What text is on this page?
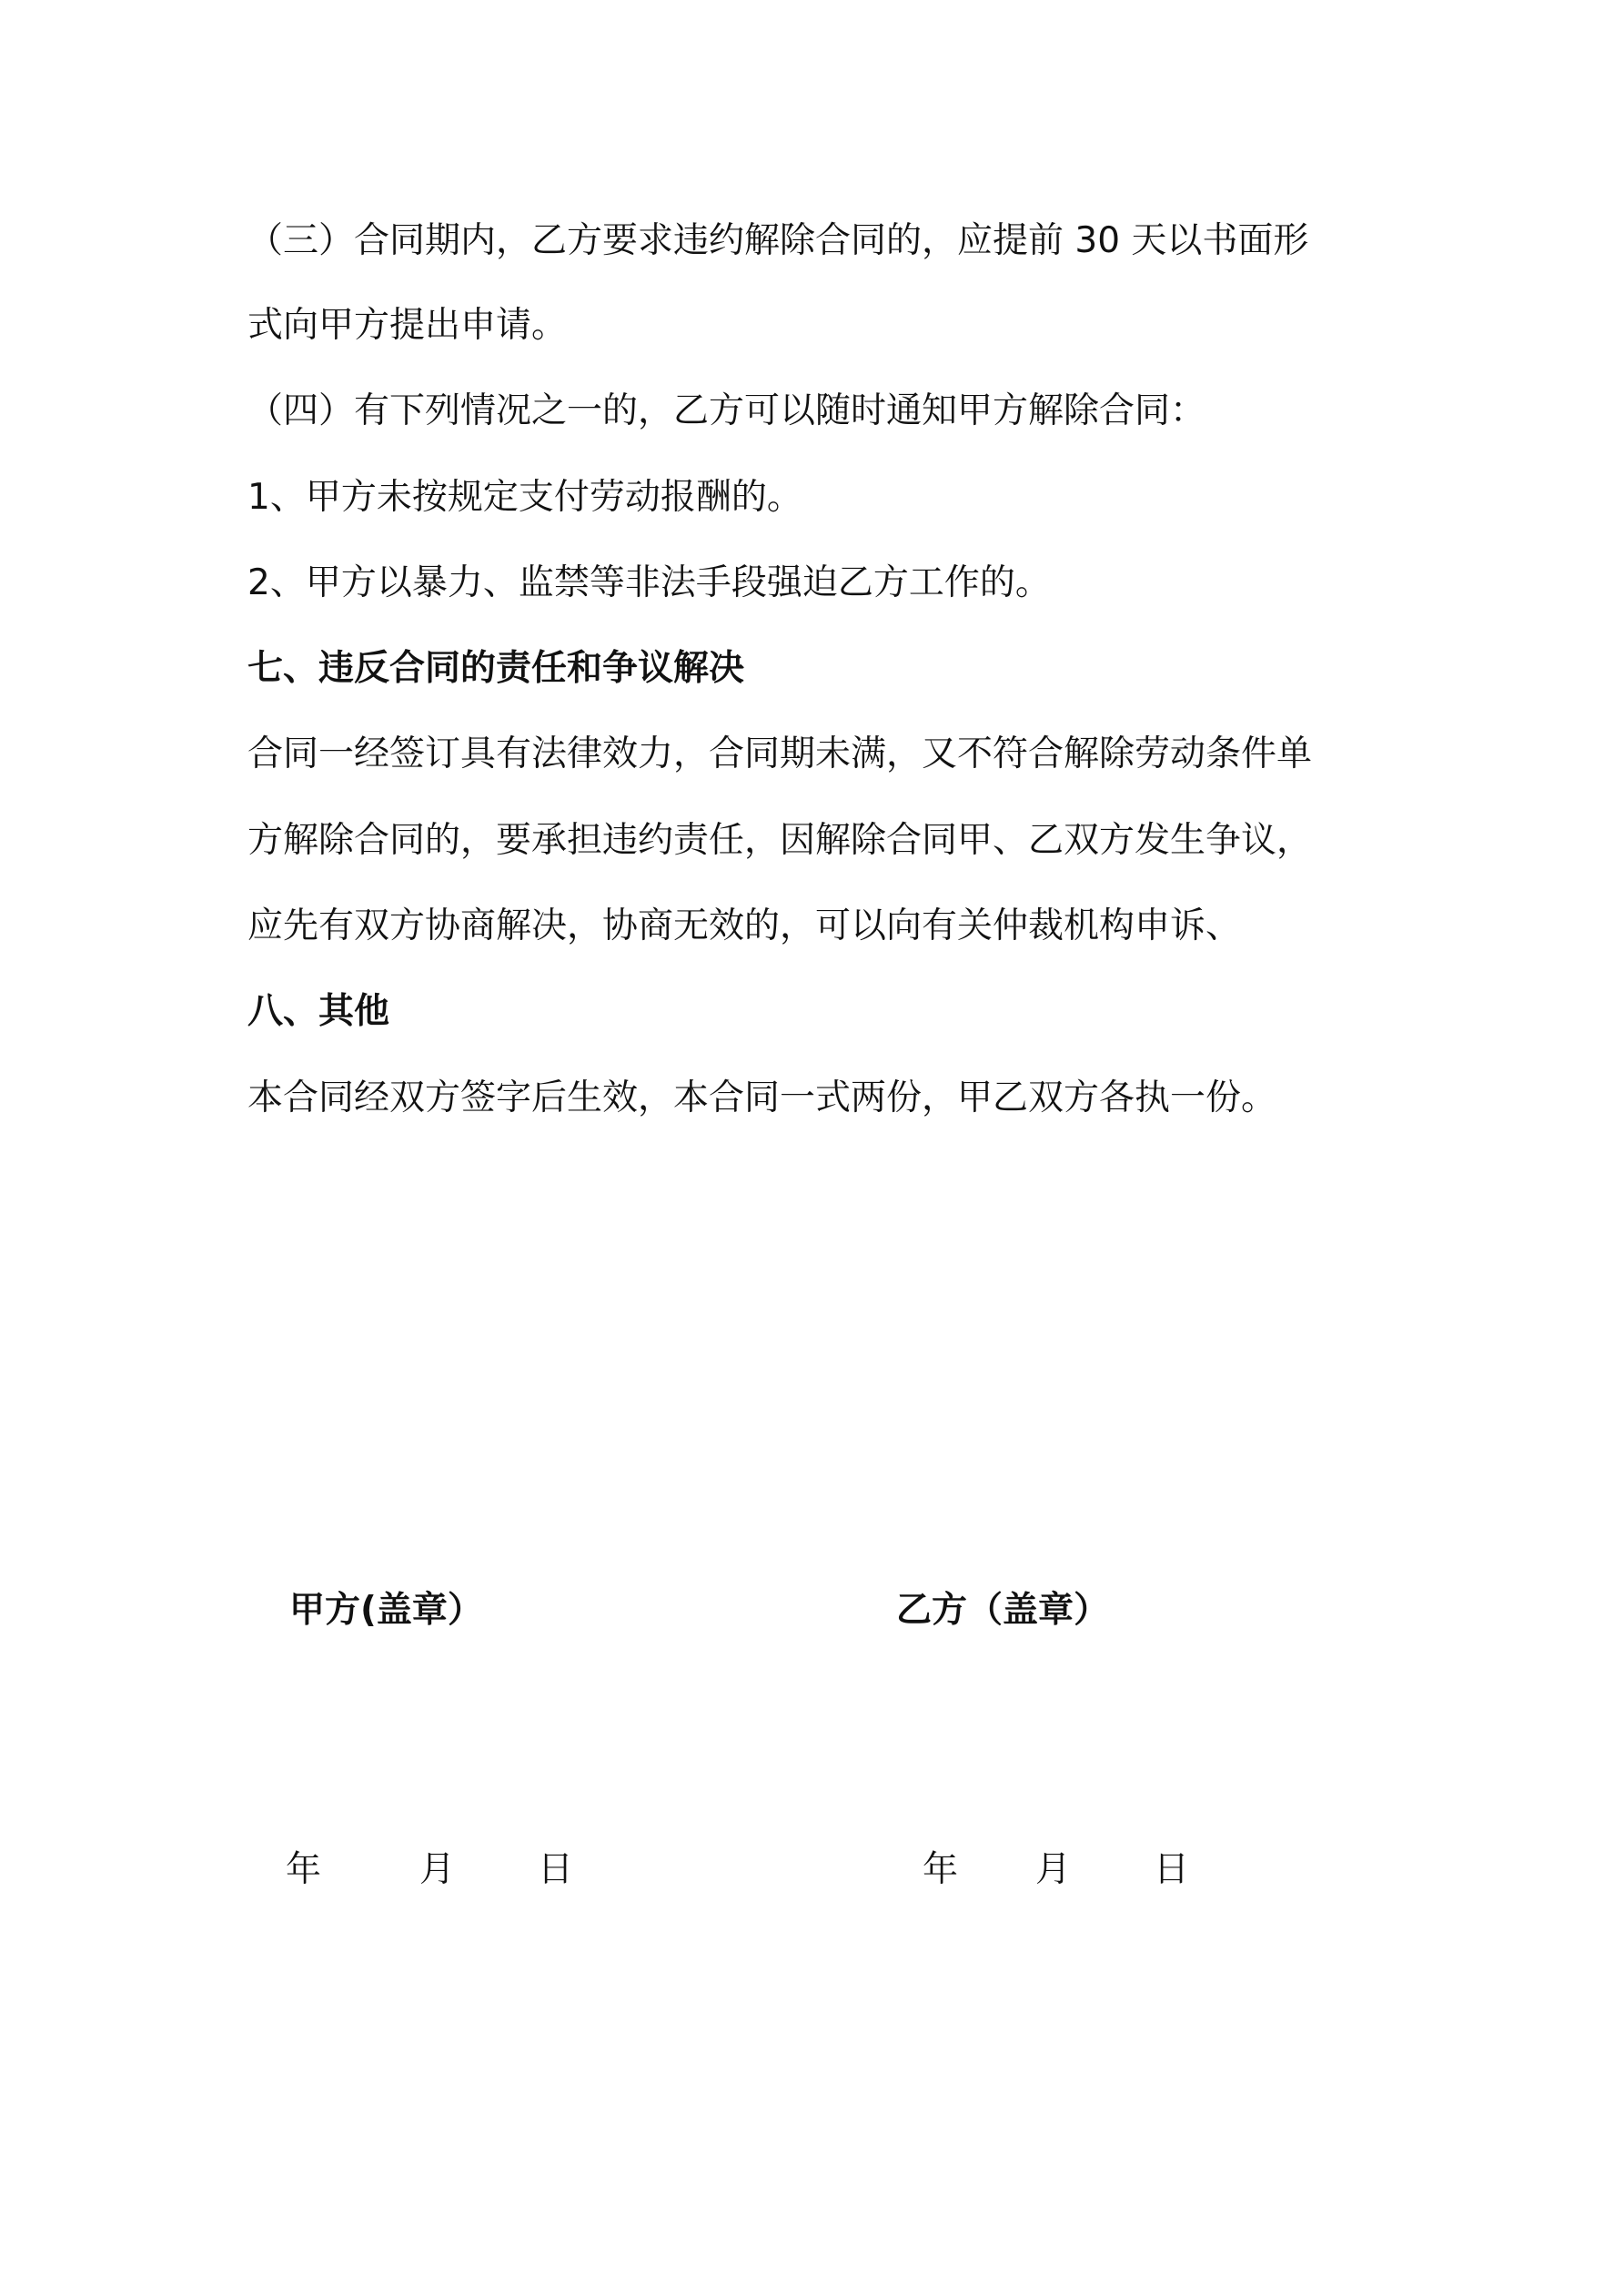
（三）合同期内，乙方要求违约解除合同的，应提前 30 天以书面形

式向甲方提出申请。

（四）有下列情况之一的，乙方可以随时通知甲方解除合同：

1、甲方未按规定支付劳动报酬的。

2、甲方以暴力、监禁等非法手段强迫乙方工作的。

七、违反合同的责任和争议解决

合同一经签订具有法律效力，合同期未满，又不符合解除劳动条件单

方解除合同的，要承担违约责任，因解除合同甲、乙双方发生争议，

应先有双方协商解决，协商无效的，可以向有关仲裁机构申诉、

八、其他

本合同经双方签字后生效，本合同一式两份，甲乙双方各执一份。

甲方(盖章）	乙方（盖章）

年	月 日	年 月 日
